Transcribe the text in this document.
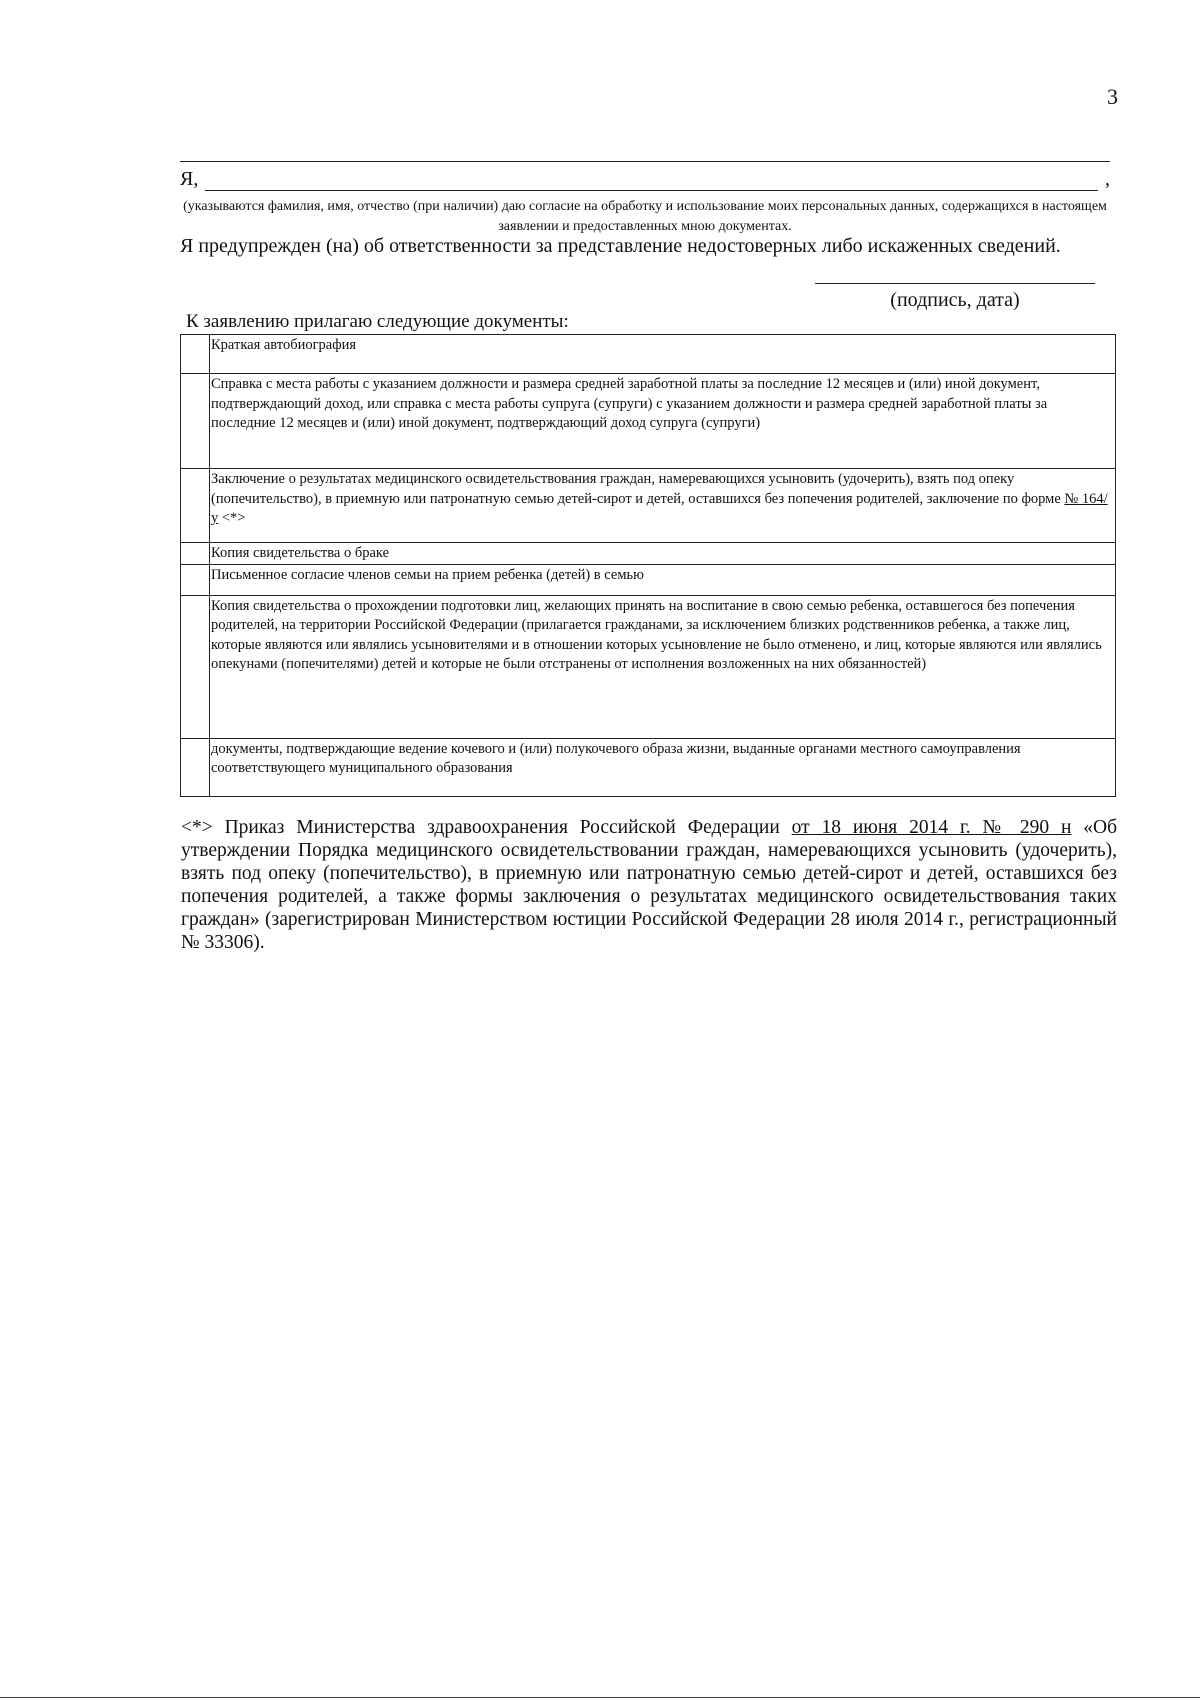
3
Я,	,
(указываются фамилия, имя, отчество (при наличии) даю согласие на обработку и использование моих персональных данных, содержащихся в настоящем заявлении и предоставленных мною документах.
Я предупрежден (на) об ответственности за представление недостоверных либо искаженных сведений.
(подпись, дата)
К заявлению прилагаю следующие документы:
	Краткая автобиография
	Справка с места работы с указанием должности и размера средней заработной платы за последние 12 месяцев и (или) иной документ, подтверждающий доход, или справка с места работы супруга (супруги) с указанием должности и размера средней заработной платы за последние 12 месяцев и (или) иной документ, подтверждающий доход супруга (супруги)
	Заключение о результатах медицинского освидетельствования граждан, намеревающихся усыновить (удочерить), взять под опеку (попечительство), в приемную или патронатную семью детей-сирот и детей, оставшихся без попечения родителей, заключение по форме № 164/у <*>
	Копия свидетельства о браке
	Письменное согласие членов семьи на прием ребенка (детей) в семью
	Копия свидетельства о прохождении подготовки лиц, желающих принять на воспитание в свою семью ребенка, оставшегося без попечения родителей, на территории Российской Федерации (прилагается гражданами, за исключением близких родственников ребенка, а также лиц, которые являются или являлись усыновителями и в отношении которых усыновление не было отменено, и лиц, которые являются или являлись опекунами (попечителями) детей и которые не были отстранены от исполнения возложенных на них обязанностей)
	документы, подтверждающие ведение кочевого и (или) полукочевого образа жизни, выданные органами местного самоуправления соответствующего муниципального образования
<*> Приказ Министерства здравоохранения Российской Федерации от 18 июня 2014 г. № 290 н «Об утверждении Порядка медицинского освидетельствовании граждан, намеревающихся усыновить (удочерить), взять под опеку (попечительство), в приемную или патронатную семью детей-сирот и детей, оставшихся без попечения родителей, а также формы заключения о результатах медицинского освидетельствования таких граждан» (зарегистрирован Министерством юстиции Российской Федерации 28 июля 2014 г., регистрационный № 33306).
